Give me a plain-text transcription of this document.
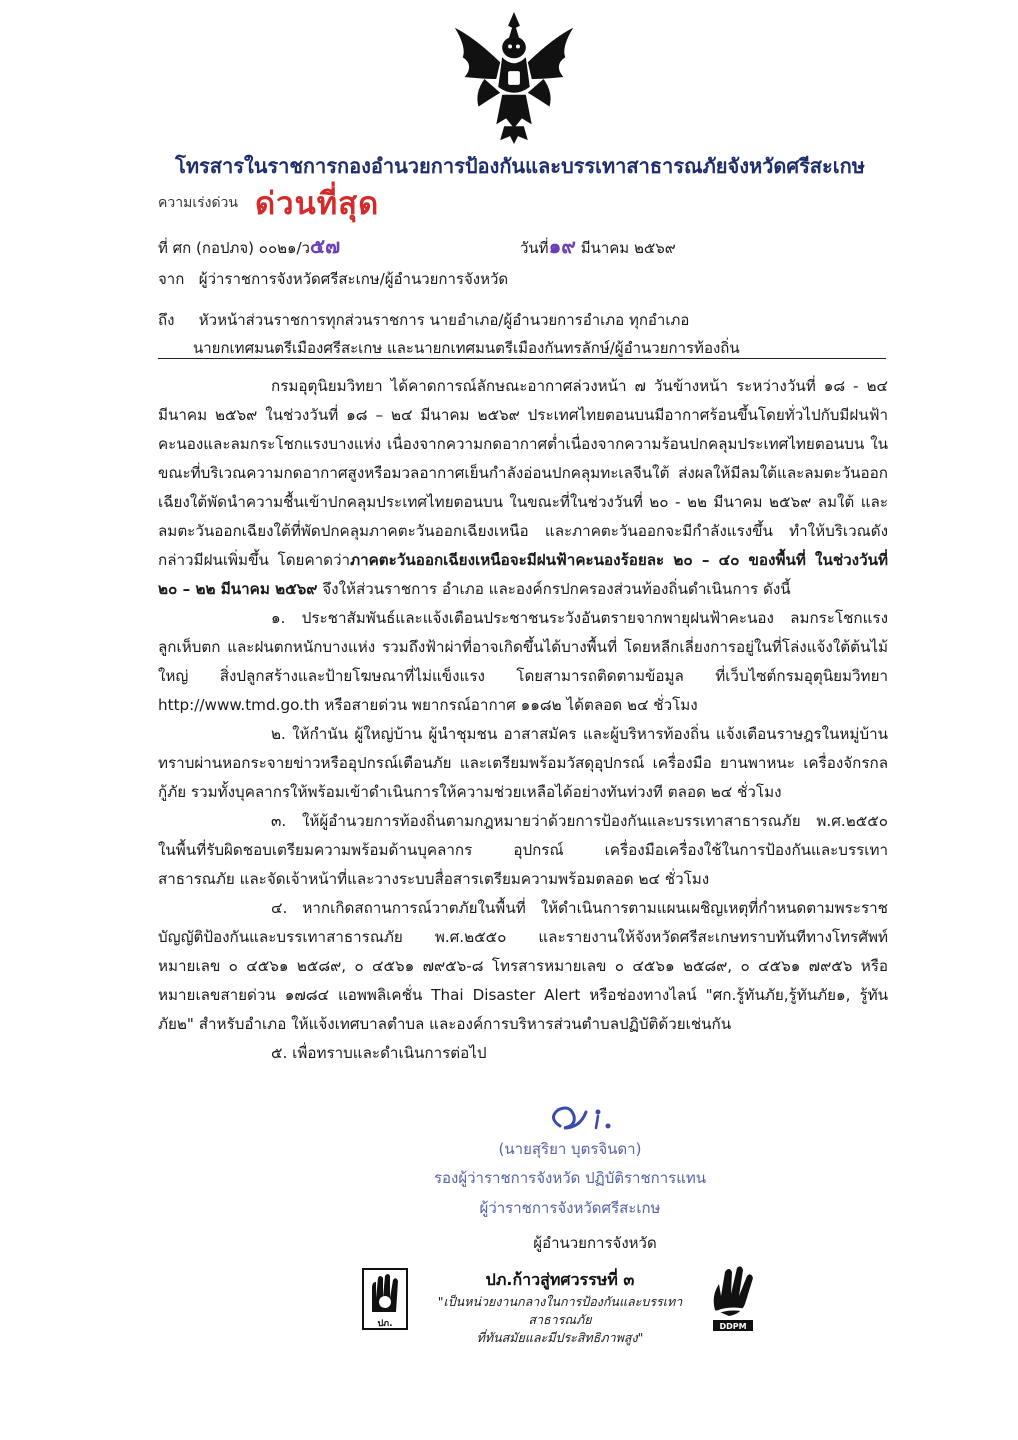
โทรสารในราชการกองอำนวยการป้องกันและบรรเทาสาธารณภัยจังหวัดศรีสะเกษ
ความเร่งด่วน ด่วนที่สุด
ที่ ศก (กอปภจ) ๐๐๒๑/ว๕๗	วันที่๑๙ มีนาคม ๒๕๖๙
จาก ผู้ว่าราชการจังหวัดศรีสะเกษ/ผู้อำนวยการจังหวัด
ถึง หัวหน้าส่วนราชการทุกส่วนราชการ นายอำเภอ/ผู้อำนวยการอำเภอ ทุกอำเภอ
นายกเทศมนตรีเมืองศรีสะเกษ และนายกเทศมนตรีเมืองกันทรลักษ์/ผู้อำนวยการท้องถิ่น

กรมอุตุนิยมวิทยา ได้คาดการณ์ลักษณะอากาศล่วงหน้า ๗ วันข้างหน้า ระหว่างวันที่ ๑๘ - ๒๔ มีนาคม ๒๕๖๙ ในช่วงวันที่ ๑๘ – ๒๔ มีนาคม ๒๕๖๙ ประเทศไทยตอนบนมีอากาศร้อนขึ้นโดยทั่วไปกับมีฝนฟ้าคะนองและลมกระโชกแรงบางแห่ง เนื่องจากความกดอากาศต่ำเนื่องจากความร้อนปกคลุมประเทศไทยตอนบน ในขณะที่บริเวณความกดอากาศสูงหรือมวลอากาศเย็นกำลังอ่อนปกคลุมทะเลจีนใต้ ส่งผลให้มีลมใต้และลมตะวันออกเฉียงใต้พัดนำความชื้นเข้าปกคลุมประเทศไทยตอนบน ในขณะที่ในช่วงวันที่ ๒๐ - ๒๒ มีนาคม ๒๕๖๙ ลมใต้ และลมตะวันออกเฉียงใต้ที่พัดปกคลุมภาคตะวันออกเฉียงเหนือ และภาคตะวันออกจะมีกำลังแรงขึ้น ทำให้บริเวณดังกล่าวมีฝนเพิ่มขึ้น โดยคาดว่าภาคตะวันออกเฉียงเหนือจะมีฝนฟ้าคะนองร้อยละ ๒๐ – ๔๐ ของพื้นที่ ในช่วงวันที่ ๒๐ – ๒๒ มีนาคม ๒๕๖๙ จึงให้ส่วนราชการ อำเภอ และองค์กรปกครองส่วนท้องถิ่นดำเนินการ ดังนี้

๑. ประชาสัมพันธ์และแจ้งเตือนประชาชนระวังอันตรายจากพายุฝนฟ้าคะนอง ลมกระโชกแรงลูกเห็บตก และฝนตกหนักบางแห่ง รวมถึงฟ้าผ่าที่อาจเกิดขึ้นได้บางพื้นที่ โดยหลีกเลี่ยงการอยู่ในที่โล่งแจ้งใต้ต้นไม้ใหญ่ สิ่งปลูกสร้างและป้ายโฆษณาที่ไม่แข็งแรง โดยสามารถติดตามข้อมูล ที่เว็บไซต์กรมอุตุนิยมวิทยา http://www.tmd.go.th หรือสายด่วน พยากรณ์อากาศ ๑๑๘๒ ได้ตลอด ๒๔ ชั่วโมง

๒. ให้กำนัน ผู้ใหญ่บ้าน ผู้นำชุมชน อาสาสมัคร และผู้บริหารท้องถิ่น แจ้งเตือนราษฎรในหมู่บ้านทราบผ่านหอกระจายข่าวหรืออุปกรณ์เตือนภัย และเตรียมพร้อมวัสดุอุปกรณ์ เครื่องมือ ยานพาหนะ เครื่องจักรกลกู้ภัย รวมทั้งบุคลากรให้พร้อมเข้าดำเนินการให้ความช่วยเหลือได้อย่างทันท่วงที ตลอด ๒๔ ชั่วโมง

๓. ให้ผู้อำนวยการท้องถิ่นตามกฎหมายว่าด้วยการป้องกันและบรรเทาสาธารณภัย พ.ศ.๒๕๕๐ ในพื้นที่รับผิดชอบเตรียมความพร้อมด้านบุคลากร อุปกรณ์ เครื่องมือเครื่องใช้ในการป้องกันและบรรเทาสาธารณภัย และจัดเจ้าหน้าที่และวางระบบสื่อสารเตรียมความพร้อมตลอด ๒๔ ชั่วโมง

๔. หากเกิดสถานการณ์วาตภัยในพื้นที่ ให้ดำเนินการตามแผนเผชิญเหตุที่กำหนดตามพระราชบัญญัติป้องกันและบรรเทาสาธารณภัย พ.ศ.๒๕๕๐ และรายงานให้จังหวัดศรีสะเกษทราบทันทีทางโทรศัพท์หมายเลข ๐ ๔๕๖๑ ๒๕๘๙, ๐ ๔๕๖๑ ๗๙๕๖-๘ โทรสารหมายเลข ๐ ๔๕๖๑ ๒๕๘๙, ๐ ๔๕๖๑ ๗๙๕๖ หรือหมายเลขสายด่วน ๑๗๘๔ แอพพลิเคชั่น Thai Disaster Alert หรือช่องทางไลน์ "ศก.รู้ทันภัย,รู้ทันภัย๑, รู้ทันภัย๒" สำหรับอำเภอ ให้แจ้งเทศบาลตำบล และองค์การบริหารส่วนตำบลปฏิบัติด้วยเช่นกัน

๕. เพื่อทราบและดำเนินการต่อไป

(นายสุริยา บุตรจินดา)
รองผู้ว่าราชการจังหวัด ปฏิบัติราชการแทน
ผู้ว่าราชการจังหวัดศรีสะเกษ
ผู้อำนวยการจังหวัด
ปภ.
ปภ.ก้าวสู่ทศวรรษที่ ๓
"เป็นหน่วยงานกลางในการป้องกันและบรรเทาสาธารณภัย
ที่ทันสมัยและมีประสิทธิภาพสูง"
DDPM
